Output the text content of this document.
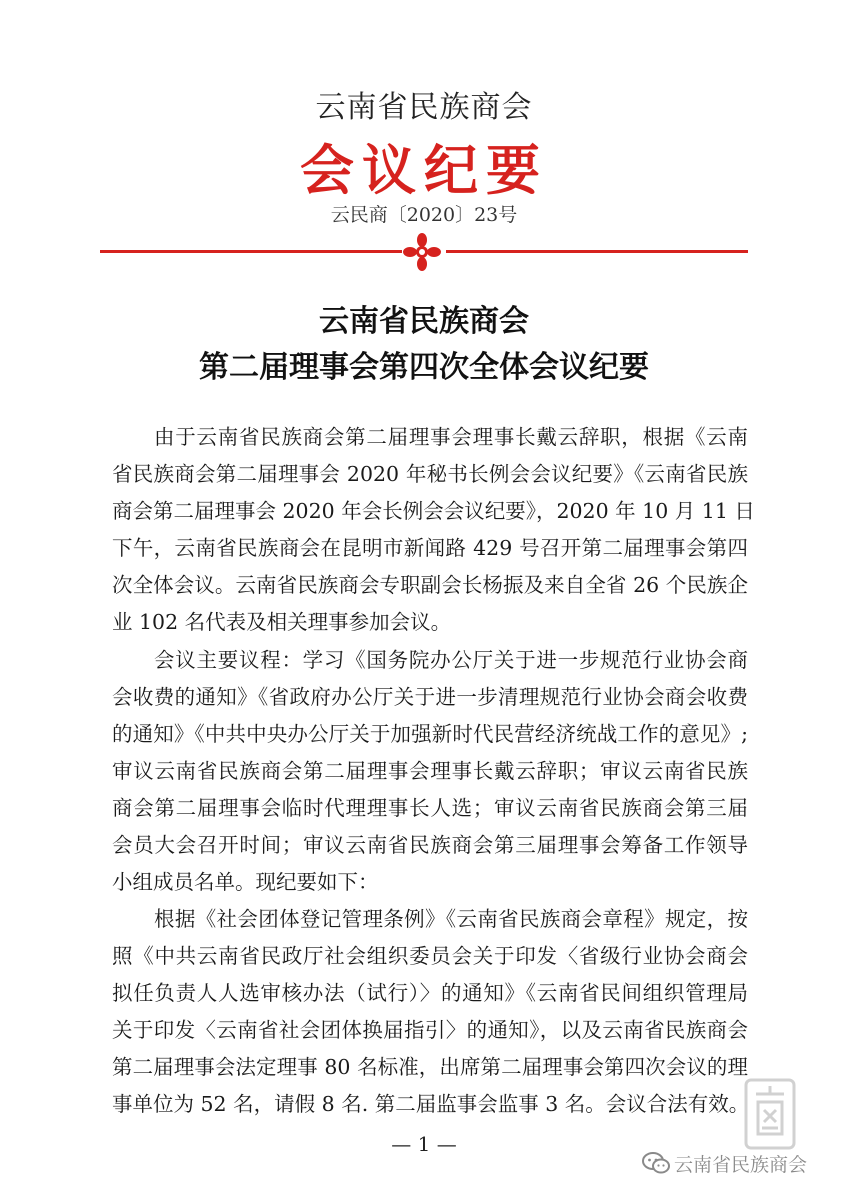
云南省民族商会
会议纪要
云民商〔2020〕23号
云南省民族商会
第二届理事会第四次全体会议纪要
由于云南省民族商会第二届理事会理事长戴云辞职，根据《云南
省民族商会第二届理事会 2020 年秘书长例会会议纪要》《云南省民族
商会第二届理事会 2020 年会长例会会议纪要》，2020 年 10 月 11 日
下午，云南省民族商会在昆明市新闻路 429 号召开第二届理事会第四
次全体会议。云南省民族商会专职副会长杨振及来自全省 26 个民族企
业 102 名代表及相关理事参加会议。
会议主要议程：学习《国务院办公厅关于进一步规范行业协会商
会收费的通知》《省政府办公厅关于进一步清理规范行业协会商会收费
的通知》《中共中央办公厅关于加强新时代民营经济统战工作的意见》;
审议云南省民族商会第二届理事会理事长戴云辞职；审议云南省民族
商会第二届理事会临时代理理事长人选；审议云南省民族商会第三届
会员大会召开时间；审议云南省民族商会第三届理事会筹备工作领导
小组成员名单。现纪要如下：
根据《社会团体登记管理条例》《云南省民族商会章程》规定，按
照《中共云南省民政厅社会组织委员会关于印发〈省级行业协会商会
拟任负责人人选审核办法（试行）〉的通知》《云南省民间组织管理局
关于印发〈云南省社会团体换届指引〉的通知》，以及云南省民族商会
第二届理事会法定理事 80 名标准，出席第二届理事会第四次会议的理
事单位为 52 名，请假 8 名. 第二届监事会监事 3 名。会议合法有效。
— 1 —
云南省民族商会
